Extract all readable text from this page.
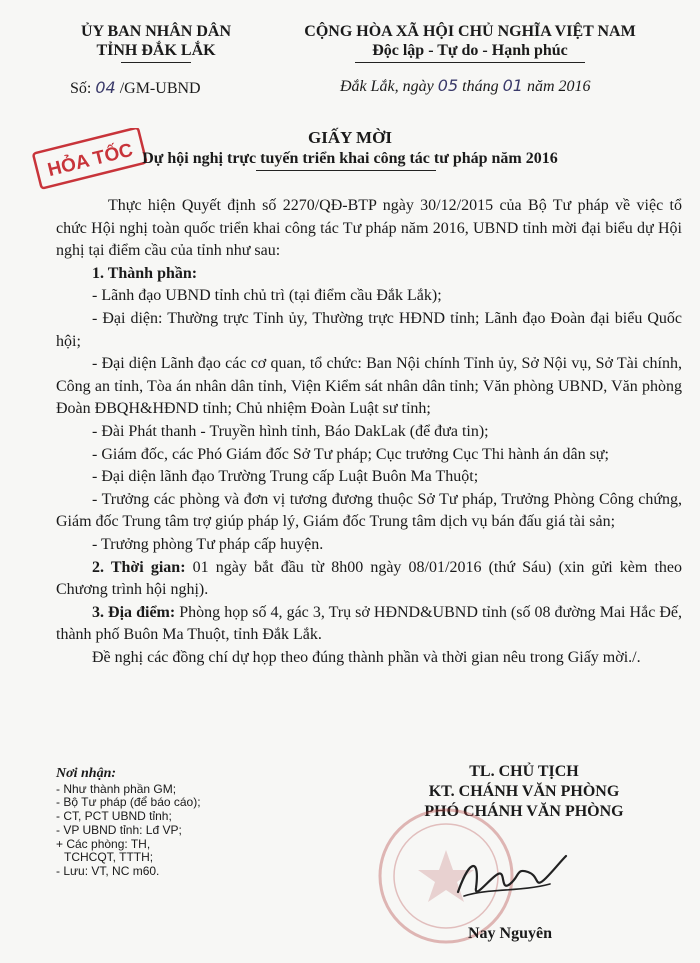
ỦY BAN NHÂN DÂN
TỈNH ĐẮK LẮK
CỘNG HÒA XÃ HỘI CHỦ NGHĨA VIỆT NAM
Độc lập - Tự do - Hạnh phúc
Số: 04 /GM-UBND	Đắk Lắk, ngày 05 tháng 01 năm 2016
HỎA TỐC
GIẤY MỜI
Dự hội nghị trực tuyến triển khai công tác tư pháp năm 2016

Thực hiện Quyết định số 2270/QĐ-BTP ngày 30/12/2015 của Bộ Tư pháp về việc tổ chức Hội nghị toàn quốc triển khai công tác Tư pháp năm 2016, UBND tỉnh mời đại biểu dự Hội nghị tại điểm cầu của tỉnh như sau:

1. Thành phần:

- Lãnh đạo UBND tỉnh chủ trì (tại điểm cầu Đắk Lắk);

- Đại diện: Thường trực Tỉnh ủy, Thường trực HĐND tỉnh; Lãnh đạo Đoàn đại biểu Quốc hội;

- Đại diện Lãnh đạo các cơ quan, tổ chức: Ban Nội chính Tỉnh ủy, Sở Nội vụ, Sở Tài chính, Công an tỉnh, Tòa án nhân dân tỉnh, Viện Kiểm sát nhân dân tỉnh; Văn phòng UBND, Văn phòng Đoàn ĐBQH&HĐND tỉnh; Chủ nhiệm Đoàn Luật sư tỉnh;

- Đài Phát thanh - Truyền hình tỉnh, Báo DakLak (để đưa tin);

- Giám đốc, các Phó Giám đốc Sở Tư pháp; Cục trưởng Cục Thi hành án dân sự;

- Đại diện lãnh đạo Trường Trung cấp Luật Buôn Ma Thuột;

- Trưởng các phòng và đơn vị tương đương thuộc Sở Tư pháp, Trưởng Phòng Công chứng, Giám đốc Trung tâm trợ giúp pháp lý, Giám đốc Trung tâm dịch vụ bán đấu giá tài sản;

- Trưởng phòng Tư pháp cấp huyện.

2. Thời gian: 01 ngày bắt đầu từ 8h00 ngày 08/01/2016 (thứ Sáu) (xin gửi kèm theo Chương trình hội nghị).

3. Địa điểm: Phòng họp số 4, gác 3, Trụ sở HĐND&UBND tỉnh (số 08 đường Mai Hắc Đế, thành phố Buôn Ma Thuột, tỉnh Đắk Lắk.

Đề nghị các đồng chí dự họp theo đúng thành phần và thời gian nêu trong Giấy mời./.

Nơi nhận:
- Như thành phần GM;
- Bộ Tư pháp (để báo cáo);
- CT, PCT UBND tỉnh;
- VP UBND tỉnh: Lđ VP;
+ Các phòng: TH,
TCHCQT, TTTH;
- Lưu: VT, NC m60.
TL. CHỦ TỊCH
KT. CHÁNH VĂN PHÒNG
PHÓ CHÁNH VĂN PHÒNG
Nay Nguyên
